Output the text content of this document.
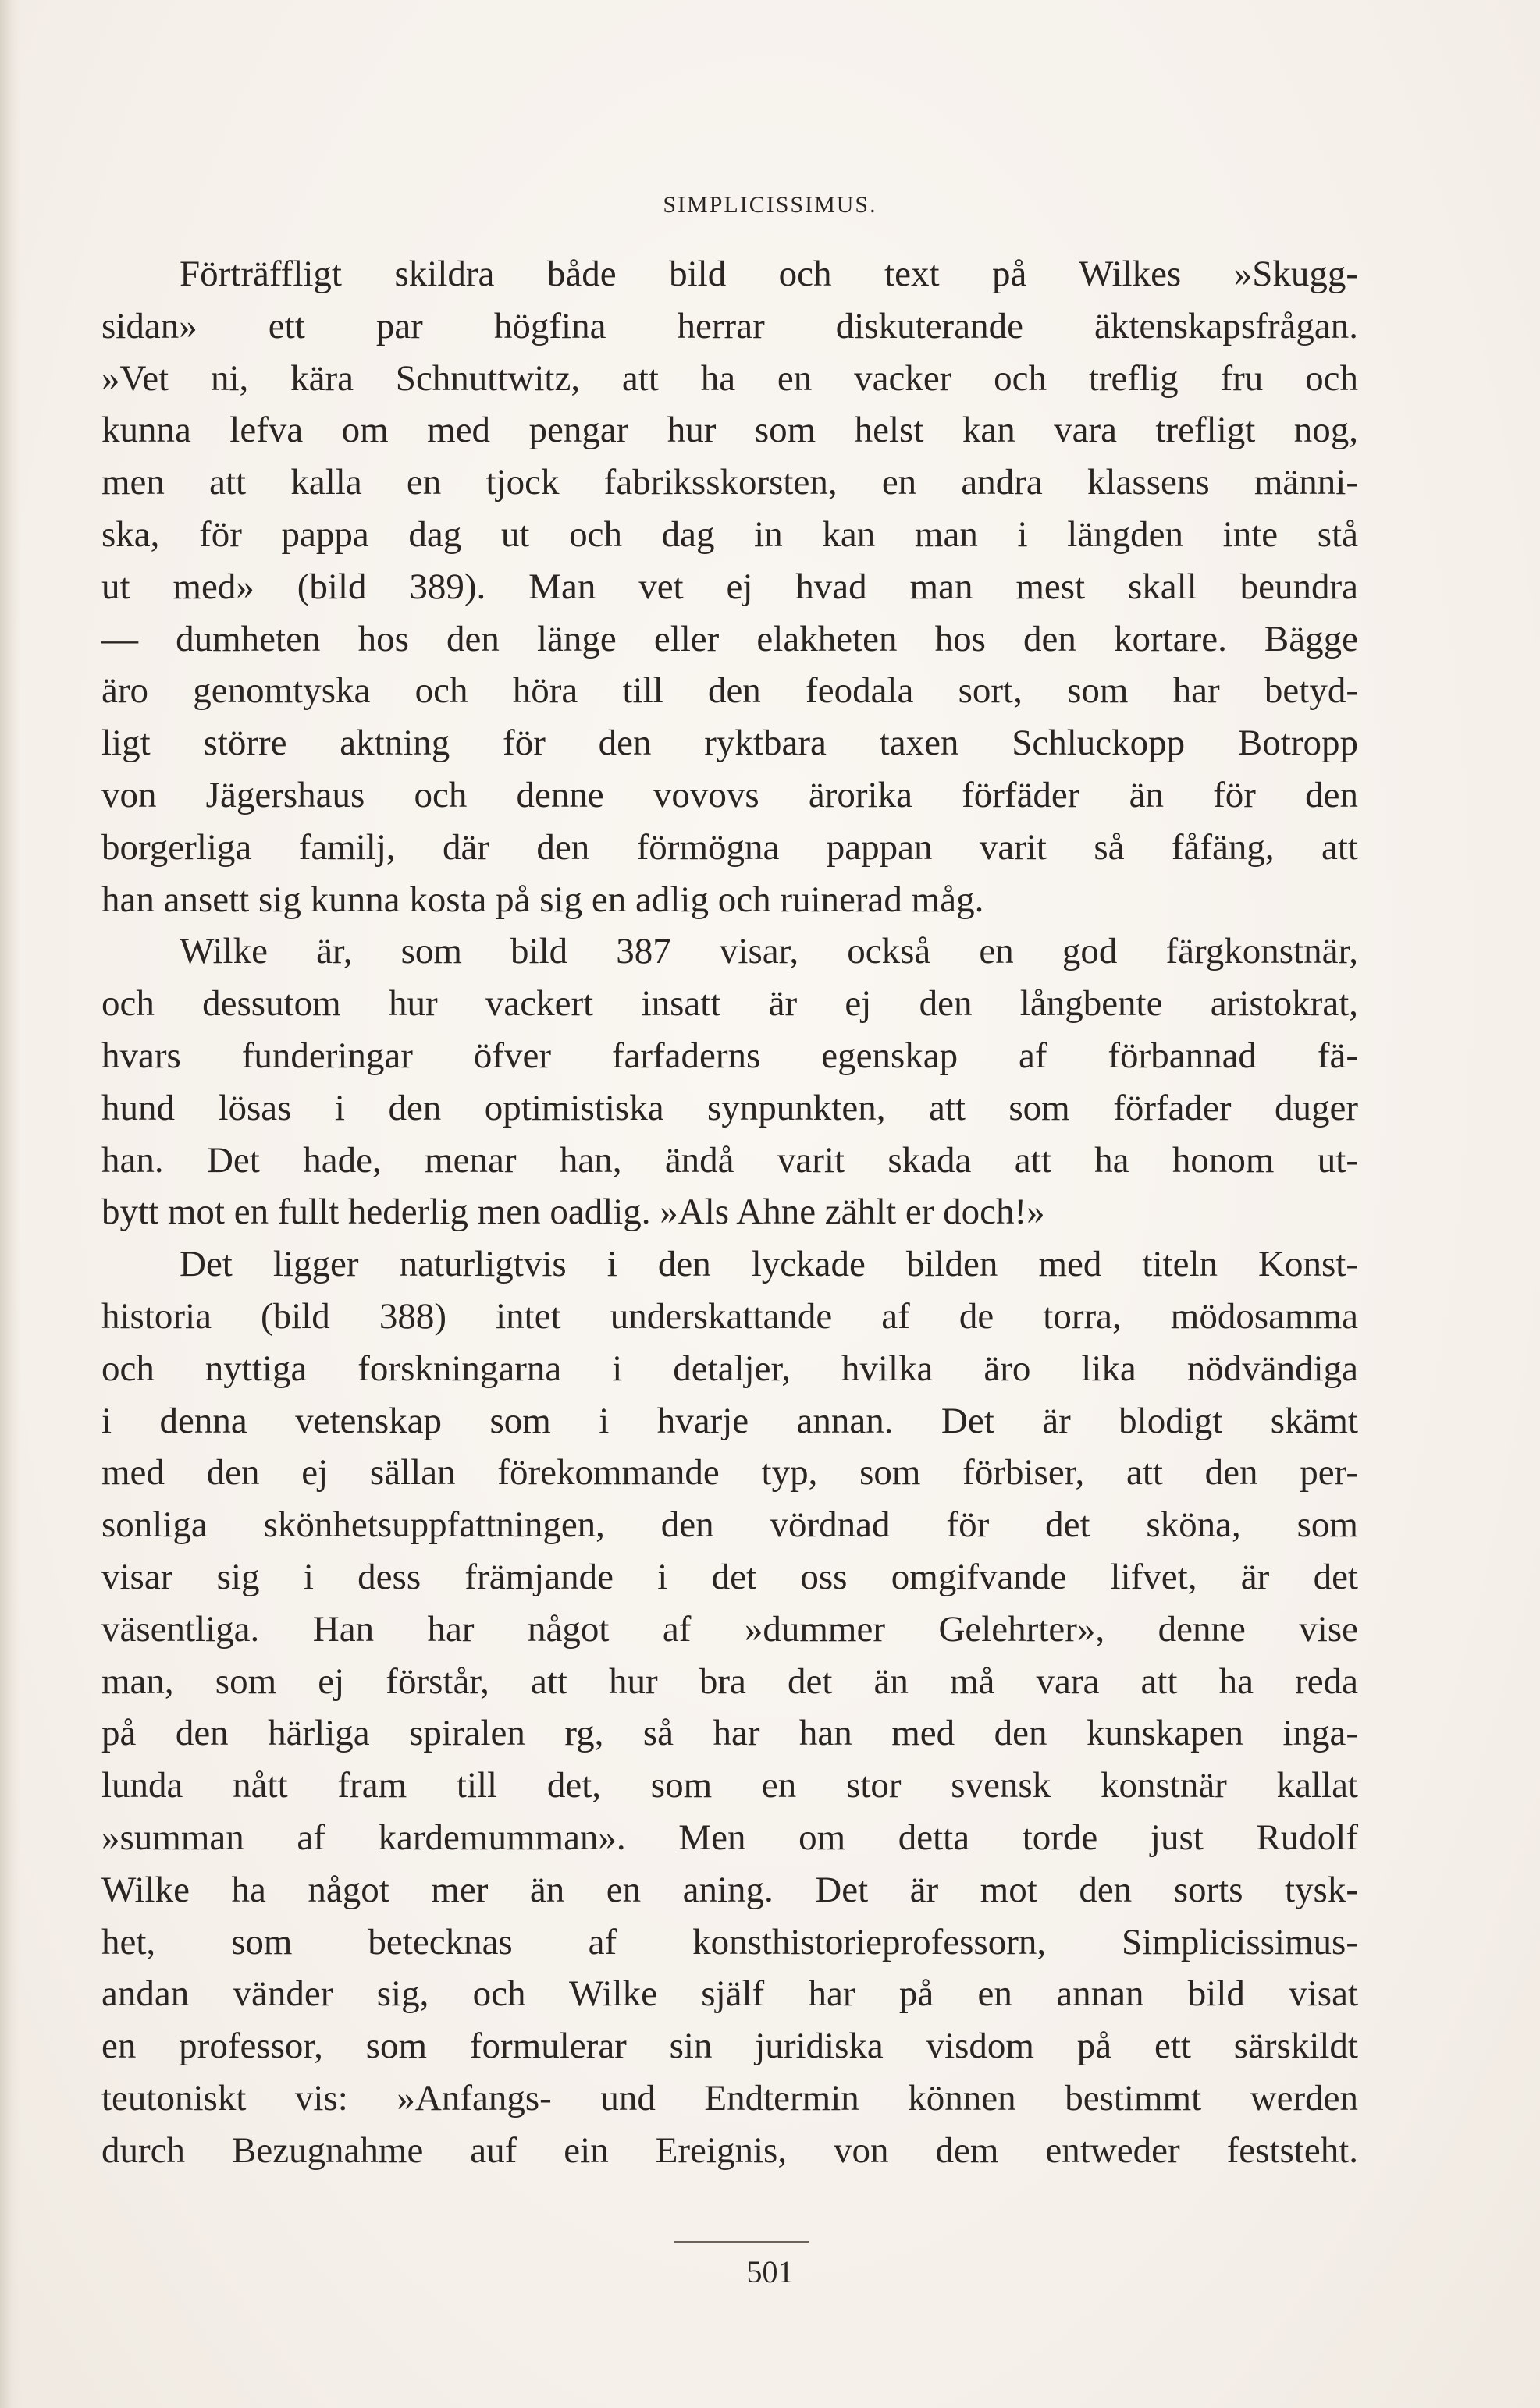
SIMPLICISSIMUS.
Förträffligt skildra både bild och text på Wilkes »Skugg-
sidan» ett par högfina herrar diskuterande äktenskapsfrågan.
»Vet ni, kära Schnuttwitz, att ha en vacker och treflig fru och
kunna lefva om med pengar hur som helst kan vara trefligt nog,
men att kalla en tjock fabriksskorsten, en andra klassens männi-
ska, för pappa dag ut och dag in kan man i längden inte stå
ut med» (bild 389). Man vet ej hvad man mest skall beundra
— dumheten hos den länge eller elakheten hos den kortare. Bägge
äro genomtyska och höra till den feodala sort, som har betyd-
ligt större aktning för den ryktbara taxen Schluckopp Botropp
von Jägershaus och denne vovovs ärorika förfäder än för den
borgerliga familj, där den förmögna pappan varit så fåfäng, att
han ansett sig kunna kosta på sig en adlig och ruinerad måg.
Wilke är, som bild 387 visar, också en god färgkonstnär,
och dessutom hur vackert insatt är ej den långbente aristokrat,
hvars funderingar öfver farfaderns egenskap af förbannad fä-
hund lösas i den optimistiska synpunkten, att som förfader duger
han. Det hade, menar han, ändå varit skada att ha honom ut-
bytt mot en fullt hederlig men oadlig. »Als Ahne zählt er doch!»
Det ligger naturligtvis i den lyckade bilden med titeln Konst-
historia (bild 388) intet underskattande af de torra, mödosamma
och nyttiga forskningarna i detaljer, hvilka äro lika nödvändiga
i denna vetenskap som i hvarje annan. Det är blodigt skämt
med den ej sällan förekommande typ, som förbiser, att den per-
sonliga skönhetsuppfattningen, den vördnad för det sköna, som
visar sig i dess främjande i det oss omgifvande lifvet, är det
väsentliga. Han har något af »dummer Gelehrter», denne vise
man, som ej förstår, att hur bra det än må vara att ha reda
på den härliga spiralen rg, så har han med den kunskapen inga-
lunda nått fram till det, som en stor svensk konstnär kallat
»summan af kardemumman». Men om detta torde just Rudolf
Wilke ha något mer än en aning. Det är mot den sorts tysk-
het, som betecknas af konsthistorieprofessorn, Simplicissimus-
andan vänder sig, och Wilke själf har på en annan bild visat
en professor, som formulerar sin juridiska visdom på ett särskildt
teutoniskt vis: »Anfangs- und Endtermin können bestimmt werden
durch Bezugnahme auf ein Ereignis, von dem entweder feststeht.
501
